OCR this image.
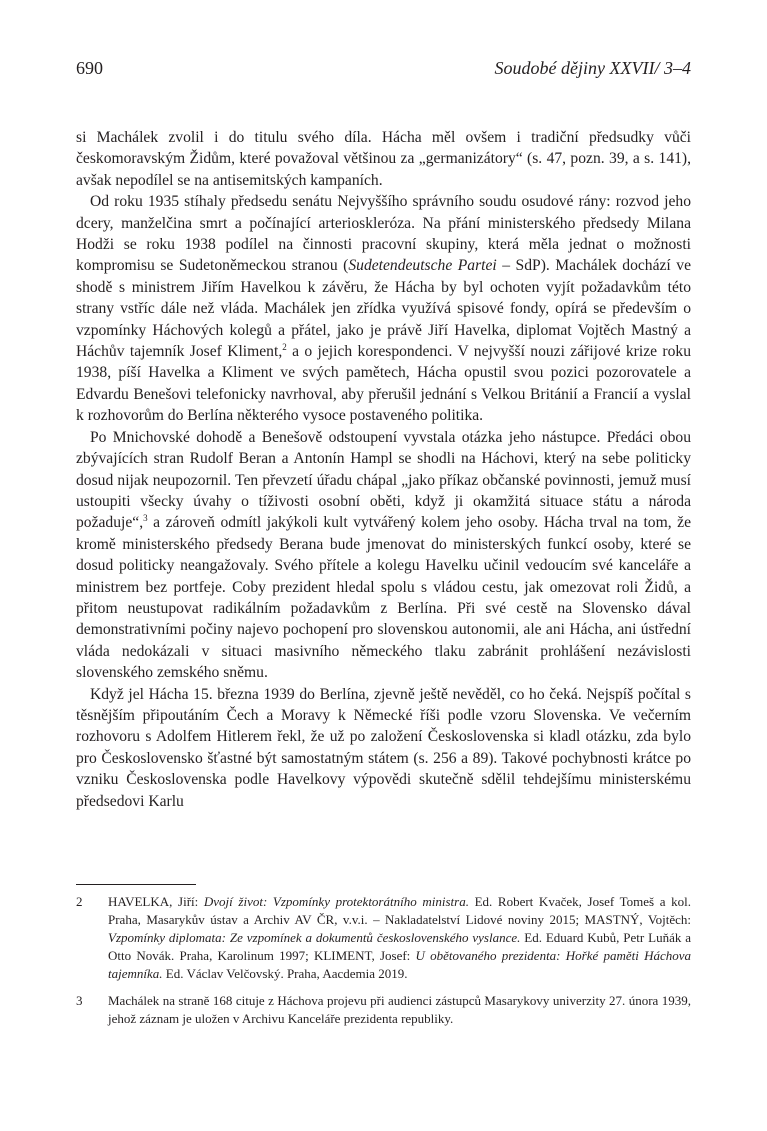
690	Soudobé dějiny XXVII/ 3–4

si Machálek zvolil i do titulu svého díla. Hácha měl ovšem i tradiční předsudky vůči českomoravským Židům, které považoval většinou za „germanizátory“ (s. 47, pozn. 39, a s. 141), avšak nepodílel se na antisemitských kampaních.

Od roku 1935 stíhaly předsedu senátu Nejvyššího správního soudu osudové rány: rozvod jeho dcery, manželčina smrt a počínající arterioskleróza. Na přání ministerského předsedy Milana Hodži se roku 1938 podílel na činnosti pracovní skupiny, která měla jednat o možnosti kompromisu se Sudetoněmeckou stranou (Sudetendeutsche Partei – SdP). Machálek dochází ve shodě s ministrem Jiřím Havelkou k závěru, že Hácha by byl ochoten vyjít požadavkům této strany vstříc dále než vláda. Machálek jen zřídka využívá spisové fondy, opírá se především o vzpomínky Háchových kolegů a přátel, jako je právě Jiří Havelka, diplomat Vojtěch Mastný a Háchův tajemník Josef Kliment,$^2$ a o jejich korespondenci. V nejvyšší nouzi zářijové krize roku 1938, píší Havelka a Kliment ve svých pamětech, Hácha opustil svou pozici pozorovatele a Edvardu Benešovi telefonicky navrhoval, aby přerušil jednání s Velkou Británií a Francií a vyslal k rozhovorům do Berlína některého vysoce postaveného politika.

Po Mnichovské dohodě a Benešově odstoupení vyvstala otázka jeho nástupce. Předáci obou zbývajících stran Rudolf Beran a Antonín Hampl se shodli na Háchovi, který na sebe politicky dosud nijak neupozornil. Ten převzetí úřadu chápal „jako příkaz občanské povinnosti, jemuž musí ustoupiti všecky úvahy o tíživosti osobní oběti, když ji okamžitá situace státu a národa požaduje“,$^3$ a zároveň odmítl jakýkoli kult vytvářený kolem jeho osoby. Hácha trval na tom, že kromě ministerského předsedy Berana bude jmenovat do ministerských funkcí osoby, které se dosud politicky neangažovaly. Svého přítele a kolegu Havelku učinil vedoucím své kanceláře a ministrem bez portfeje. Coby prezident hledal spolu s vládou cestu, jak omezovat roli Židů, a přitom neustupovat radikálním požadavkům z Berlína. Při své cestě na Slovensko dával demonstrativními počiny najevo pochopení pro slovenskou autonomii, ale ani Hácha, ani ústřední vláda nedokázali v situaci masivního německého tlaku zabránit prohlášení nezávislosti slovenského zemského sněmu.

Když jel Hácha 15. března 1939 do Berlína, zjevně ještě nevěděl, co ho čeká. Nejspíš počítal s těsnějším připoutáním Čech a Moravy k Německé říši podle vzoru Slovenska. Ve večerním rozhovoru s Adolfem Hitlerem řekl, že už po založení Československa si kladl otázku, zda bylo pro Československo šťastné být samostatným státem (s. 256 a 89). Takové pochybnosti krátce po vzniku Československa podle Havelkovy výpovědi skutečně sdělil tehdejšímu ministerskému předsedovi Karlu

2	HAVELKA, Jiří: Dvojí život: Vzpomínky protektorátního ministra. Ed. Robert Kvaček, Josef Tomeš a kol. Praha, Masarykův ústav a Archiv AV ČR, v.v.i. – Nakladatelství Lidové noviny 2015; MASTNÝ, Vojtěch: Vzpomínky diplomata: Ze vzpomínek a dokumentů československého vyslance. Ed. Eduard Kubů, Petr Luňák a Otto Novák. Praha, Karolinum 1997; KLIMENT, Josef: U obětovaného prezidenta: Hořké paměti Háchova tajemníka. Ed. Václav Velčovský. Praha, Aacdemia 2019.
3	Machálek na straně 168 cituje z Háchova projevu při audienci zástupců Masarykovy univerzity 27. února 1939, jehož záznam je uložen v Archivu Kanceláře prezidenta republiky.
